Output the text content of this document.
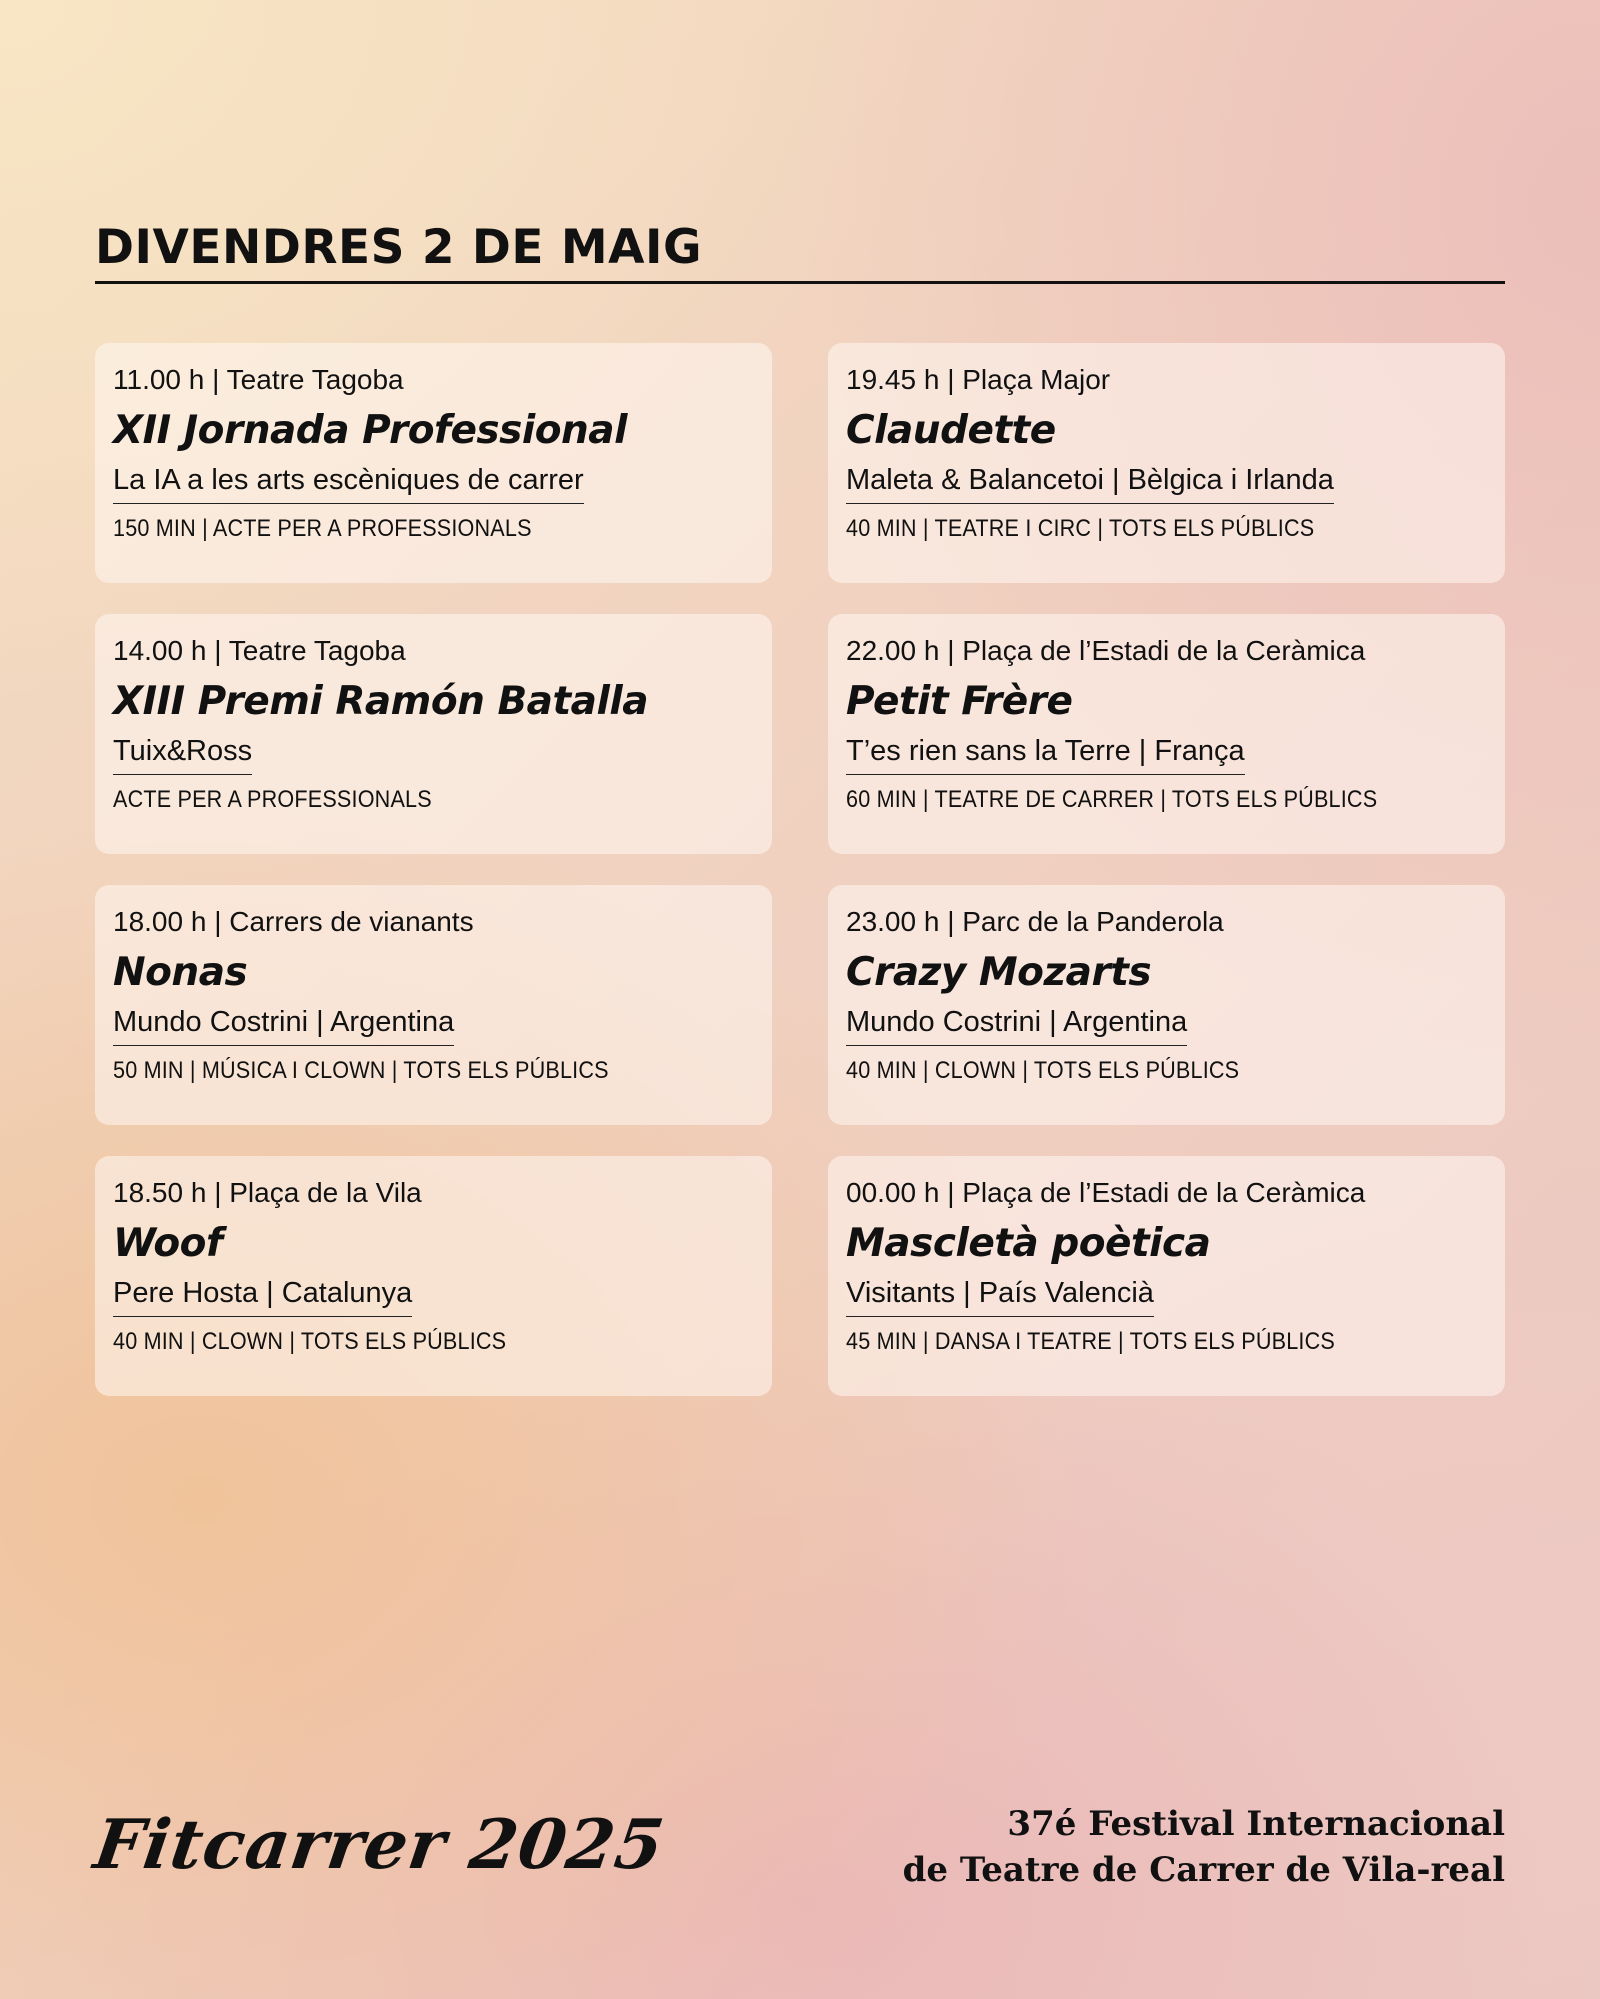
DIVENDRES 2 DE MAIG
11.00 h | Teatre Tagoba
XII Jornada Professional
La IA a les arts escèniques de carrer
150 MIN | ACTE PER A PROFESSIONALS
19.45 h | Plaça Major
Claudette
Maleta & Balancetoi | Bèlgica i Irlanda
40 MIN | TEATRE I CIRC | TOTS ELS PÚBLICS
14.00 h | Teatre Tagoba
XIII Premi Ramón Batalla
Tuix&Ross
ACTE PER A PROFESSIONALS
22.00 h | Plaça de l’Estadi de la Ceràmica
Petit Frère
T’es rien sans la Terre | França
60 MIN | TEATRE DE CARRER | TOTS ELS PÚBLICS
18.00 h | Carrers de vianants
Nonas
Mundo Costrini | Argentina
50 MIN | MÚSICA I CLOWN | TOTS ELS PÚBLICS
23.00 h | Parc de la Panderola
Crazy Mozarts
Mundo Costrini | Argentina
40 MIN | CLOWN | TOTS ELS PÚBLICS
18.50 h | Plaça de la Vila
Woof
Pere Hosta | Catalunya
40 MIN | CLOWN | TOTS ELS PÚBLICS
00.00 h | Plaça de l’Estadi de la Ceràmica
Mascletà poètica
Visitants | País Valencià
45 MIN | DANSA I TEATRE | TOTS ELS PÚBLICS
Fitcarrer 2025	37é Festival Internacional
de Teatre de Carrer de Vila-real
